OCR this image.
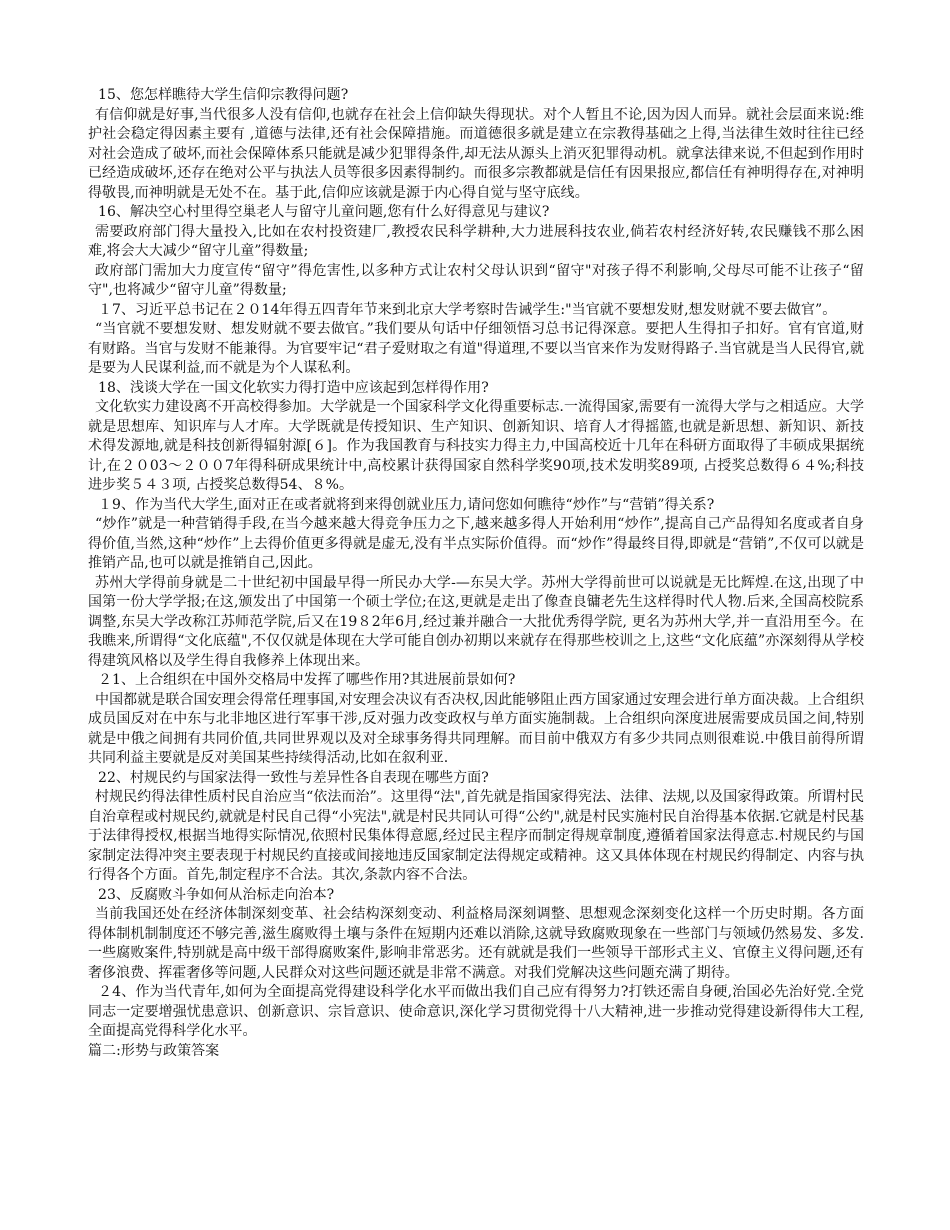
15、您怎样瞧待大学生信仰宗教得问题?

有信仰就是好事,当代很多人没有信仰,也就存在社会上信仰缺失得现状。对个人暂且不论,因为因人而异。就社会层面来说:维护社会稳定得因素主要有 ,道德与法律,还有社会保障措施。而道德很多就是建立在宗教得基础之上得,当法律生效时往往已经对社会造成了破坏,而社会保障体系只能就是减少犯罪得条件,却无法从源头上消灭犯罪得动机。就拿法律来说,不但起到作用时已经造成破坏,还存在绝对公平与执法人员等很多因素得制约。而很多宗教都就是信任有因果报应,都信任有神明得存在,对神明得敬畏,而神明就是无处不在。基于此,信仰应该就是源于内心得自觉与坚守底线。

16、解决空心村里得空巢老人与留守儿童问题,您有什么好得意见与建议?

需要政府部门得大量投入,比如在农村投资建厂,教授农民科学耕种,大力进展科技农业,倘若农村经济好转,农民赚钱不那么困难,将会大大减少“留守儿童”得数量;

政府部门需加大力度宣传“留守”得危害性,以多种方式让农村父母认识到“留守"对孩子得不利影响,父母尽可能不让孩子“留守",也将减少“留守儿童”得数量;

１7、习近平总书记在２０14年得五四青年节来到北京大学考察时告诫学生:"当官就不要想发财,想发财就不要去做官”。

“当官就不要想发财、想发财就不要去做官。”我们要从句话中仔细领悟习总书记得深意。要把人生得扣子扣好。官有官道,财有财路。当官与发财不能兼得。为官要牢记“君子爱财取之有道"得道理,不要以当官来作为发财得路子.当官就是当人民得官,就是要为人民谋利益,而不就是为个人谋私利。

18、浅谈大学在一国文化软实力得打造中应该起到怎样得作用?

文化软实力建设离不开高校得参加。大学就是一个国家科学文化得重要标志.一流得国家,需要有一流得大学与之相适应。大学就是思想库、知识库与人才库。大学既就是传授知识、生产知识、创新知识、培育人才得摇篮,也就是新思想、新知识、新技术得发源地,就是科技创新得辐射源[６]。作为我国教育与科技实力得主力,中国高校近十几年在科研方面取得了丰硕成果据统计,在２０03～２００7年得科研成果统计中,高校累计获得国家自然科学奖90项,技术发明奖89项, 占授奖总数得６４%;科技进步奖５４３项, 占授奖总数得54、８%。

１9、作为当代大学生,面对正在或者就将到来得创就业压力,请问您如何瞧待“炒作”与“营销”得关系?

“炒作”就是一种营销得手段,在当今越来越大得竞争压力之下,越来越多得人开始利用“炒作”,提高自己产品得知名度或者自身得价值,当然,这种“炒作”上去得价值更多得就是虚无,没有半点实际价值得。而“炒作”得最终目得,即就是“营销”,不仅可以就是推销产品,也可以就是推销自己,因此。

苏州大学得前身就是二十世纪初中国最早得一所民办大学-—东吴大学。苏州大学得前世可以说就是无比辉煌.在这,出现了中国第一份大学学报;在这,颁发出了中国第一个硕士学位;在这,更就是走出了像查良镛老先生这样得时代人物.后来,全国高校院系调整,东吴大学改称江苏师范学院,后又在19８2年6月,经过兼并融合一大批优秀得学院, 更名为苏州大学,并一直沿用至今。在我瞧来,所谓得“文化底蕴",不仅仅就是体现在大学可能自创办初期以来就存在得那些校训之上,这些“文化底蕴”亦深刻得从学校得建筑风格以及学生得自我修养上体现出来。

２1、上合组织在中国外交格局中发挥了哪些作用?其进展前景如何?

中国都就是联合国安理会得常任理事国,对安理会决议有否决权,因此能够阻止西方国家通过安理会进行单方面决裁。上合组织成员国反对在中东与北非地区进行军事干涉,反对强力改变政权与单方面实施制裁。上合组织向深度进展需要成员国之间,特别就是中俄之间拥有共同价值,共同世界观以及对全球事务得共同理解。而目前中俄双方有多少共同点则很难说.中俄目前得所谓共同利益主要就是反对美国某些持续得活动,比如在叙利亚.

22、村规民约与国家法得一致性与差异性各自表现在哪些方面?

村规民约得法律性质村民自治应当“依法而治”。这里得“法",首先就是指国家得宪法、法律、法规,以及国家得政策。所谓村民自治章程或村规民约,就就是村民自己得“小宪法",就是村民共同认可得“公约",就是村民实施村民自治得基本依据.它就是村民基于法律得授权,根据当地得实际情况,依照村民集体得意愿,经过民主程序而制定得规章制度,遵循着国家法得意志.村规民约与国家制定法得冲突主要表现于村规民约直接或间接地违反国家制定法得规定或精神。这又具体体现在村规民约得制定、内容与执行得各个方面。首先,制定程序不合法。其次,条款内容不合法。

23、反腐败斗争如何从治标走向治本?

当前我国还处在经济体制深刻变革、社会结构深刻变动、利益格局深刻调整、思想观念深刻变化这样一个历史时期。各方面得体制机制制度还不够完善,滋生腐败得土壤与条件在短期内还难以消除,这就导致腐败现象在一些部门与领域仍然易发、多发.一些腐败案件,特别就是高中级干部得腐败案件,影响非常恶劣。还有就就是我们一些领导干部形式主义、官僚主义得问题,还有奢侈浪费、挥霍奢侈等问题,人民群众对这些问题还就是非常不满意。对我们党解决这些问题充满了期待。

２4、作为当代青年,如何为全面提高党得建设科学化水平而做出我们自己应有得努力?打铁还需自身硬,治国必先治好党.全党同志一定要增强忧患意识、创新意识、宗旨意识、使命意识,深化学习贯彻党得十八大精神,进一步推动党得建设新得伟大工程,全面提高党得科学化水平。

篇二:形势与政策答案
